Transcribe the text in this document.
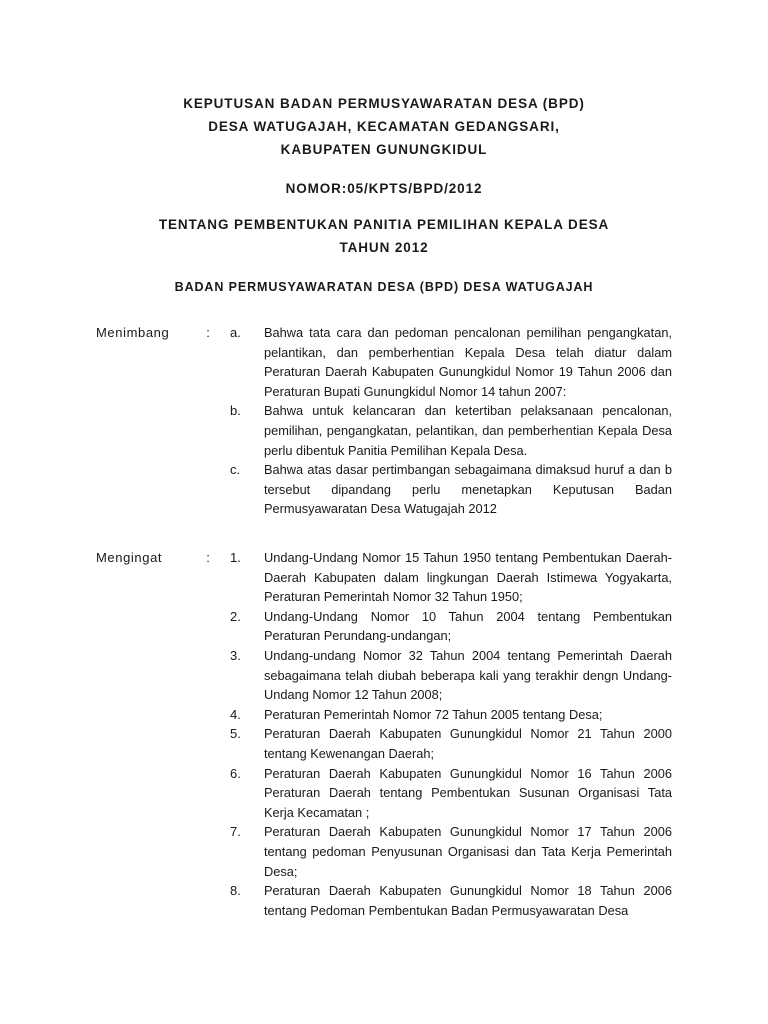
KEPUTUSAN BADAN PERMUSYAWARATAN DESA (BPD)
DESA WATUGAJAH, KECAMATAN GEDANGSARI,
KABUPATEN GUNUNGKIDUL
NOMOR:05/KPTS/BPD/2012
TENTANG PEMBENTUKAN PANITIA PEMILIHAN KEPALA DESA
TAHUN 2012
BADAN PERMUSYAWARATAN DESA (BPD) DESA WATUGAJAH
Menimbang	:	a.	Bahwa tata cara dan pedoman pencalonan pemilihan pengangkatan, pelantikan, dan pemberhentian Kepala Desa telah diatur dalam Peraturan Daerah Kabupaten Gunungkidul Nomor 19 Tahun 2006 dan Peraturan Bupati Gunungkidul Nomor 14 tahun 2007:
b.	Bahwa untuk kelancaran dan ketertiban pelaksanaan pencalonan, pemilihan, pengangkatan, pelantikan, dan pemberhentian Kepala Desa perlu dibentuk Panitia Pemilihan Kepala Desa.
c.	Bahwa atas dasar pertimbangan sebagaimana dimaksud huruf a dan b tersebut dipandang perlu menetapkan Keputusan Badan Permusyawaratan Desa Watugajah 2012
Mengingat	:	1.	Undang-Undang Nomor 15 Tahun 1950 tentang Pembentukan Daerah-Daerah Kabupaten dalam lingkungan Daerah Istimewa Yogyakarta, Peraturan Pemerintah Nomor 32 Tahun 1950;
2.	Undang-Undang Nomor 10 Tahun 2004 tentang Pembentukan Peraturan Perundang-undangan;
3.	Undang-undang Nomor 32 Tahun 2004 tentang Pemerintah Daerah sebagaimana telah diubah beberapa kali yang terakhir dengn Undang-Undang Nomor 12 Tahun 2008;
4.	Peraturan Pemerintah Nomor 72 Tahun 2005 tentang Desa;
5.	Peraturan Daerah Kabupaten Gunungkidul Nomor 21 Tahun 2000 tentang Kewenangan Daerah;
6.	Peraturan Daerah Kabupaten Gunungkidul Nomor 16 Tahun 2006 Peraturan Daerah tentang Pembentukan Susunan Organisasi Tata Kerja Kecamatan ;
7.	Peraturan Daerah Kabupaten Gunungkidul Nomor 17 Tahun 2006 tentang pedoman Penyusunan Organisasi dan Tata Kerja Pemerintah Desa;
8.	Peraturan Daerah Kabupaten Gunungkidul Nomor 18 Tahun 2006 tentang Pedoman Pembentukan Badan Permusyawaratan Desa
